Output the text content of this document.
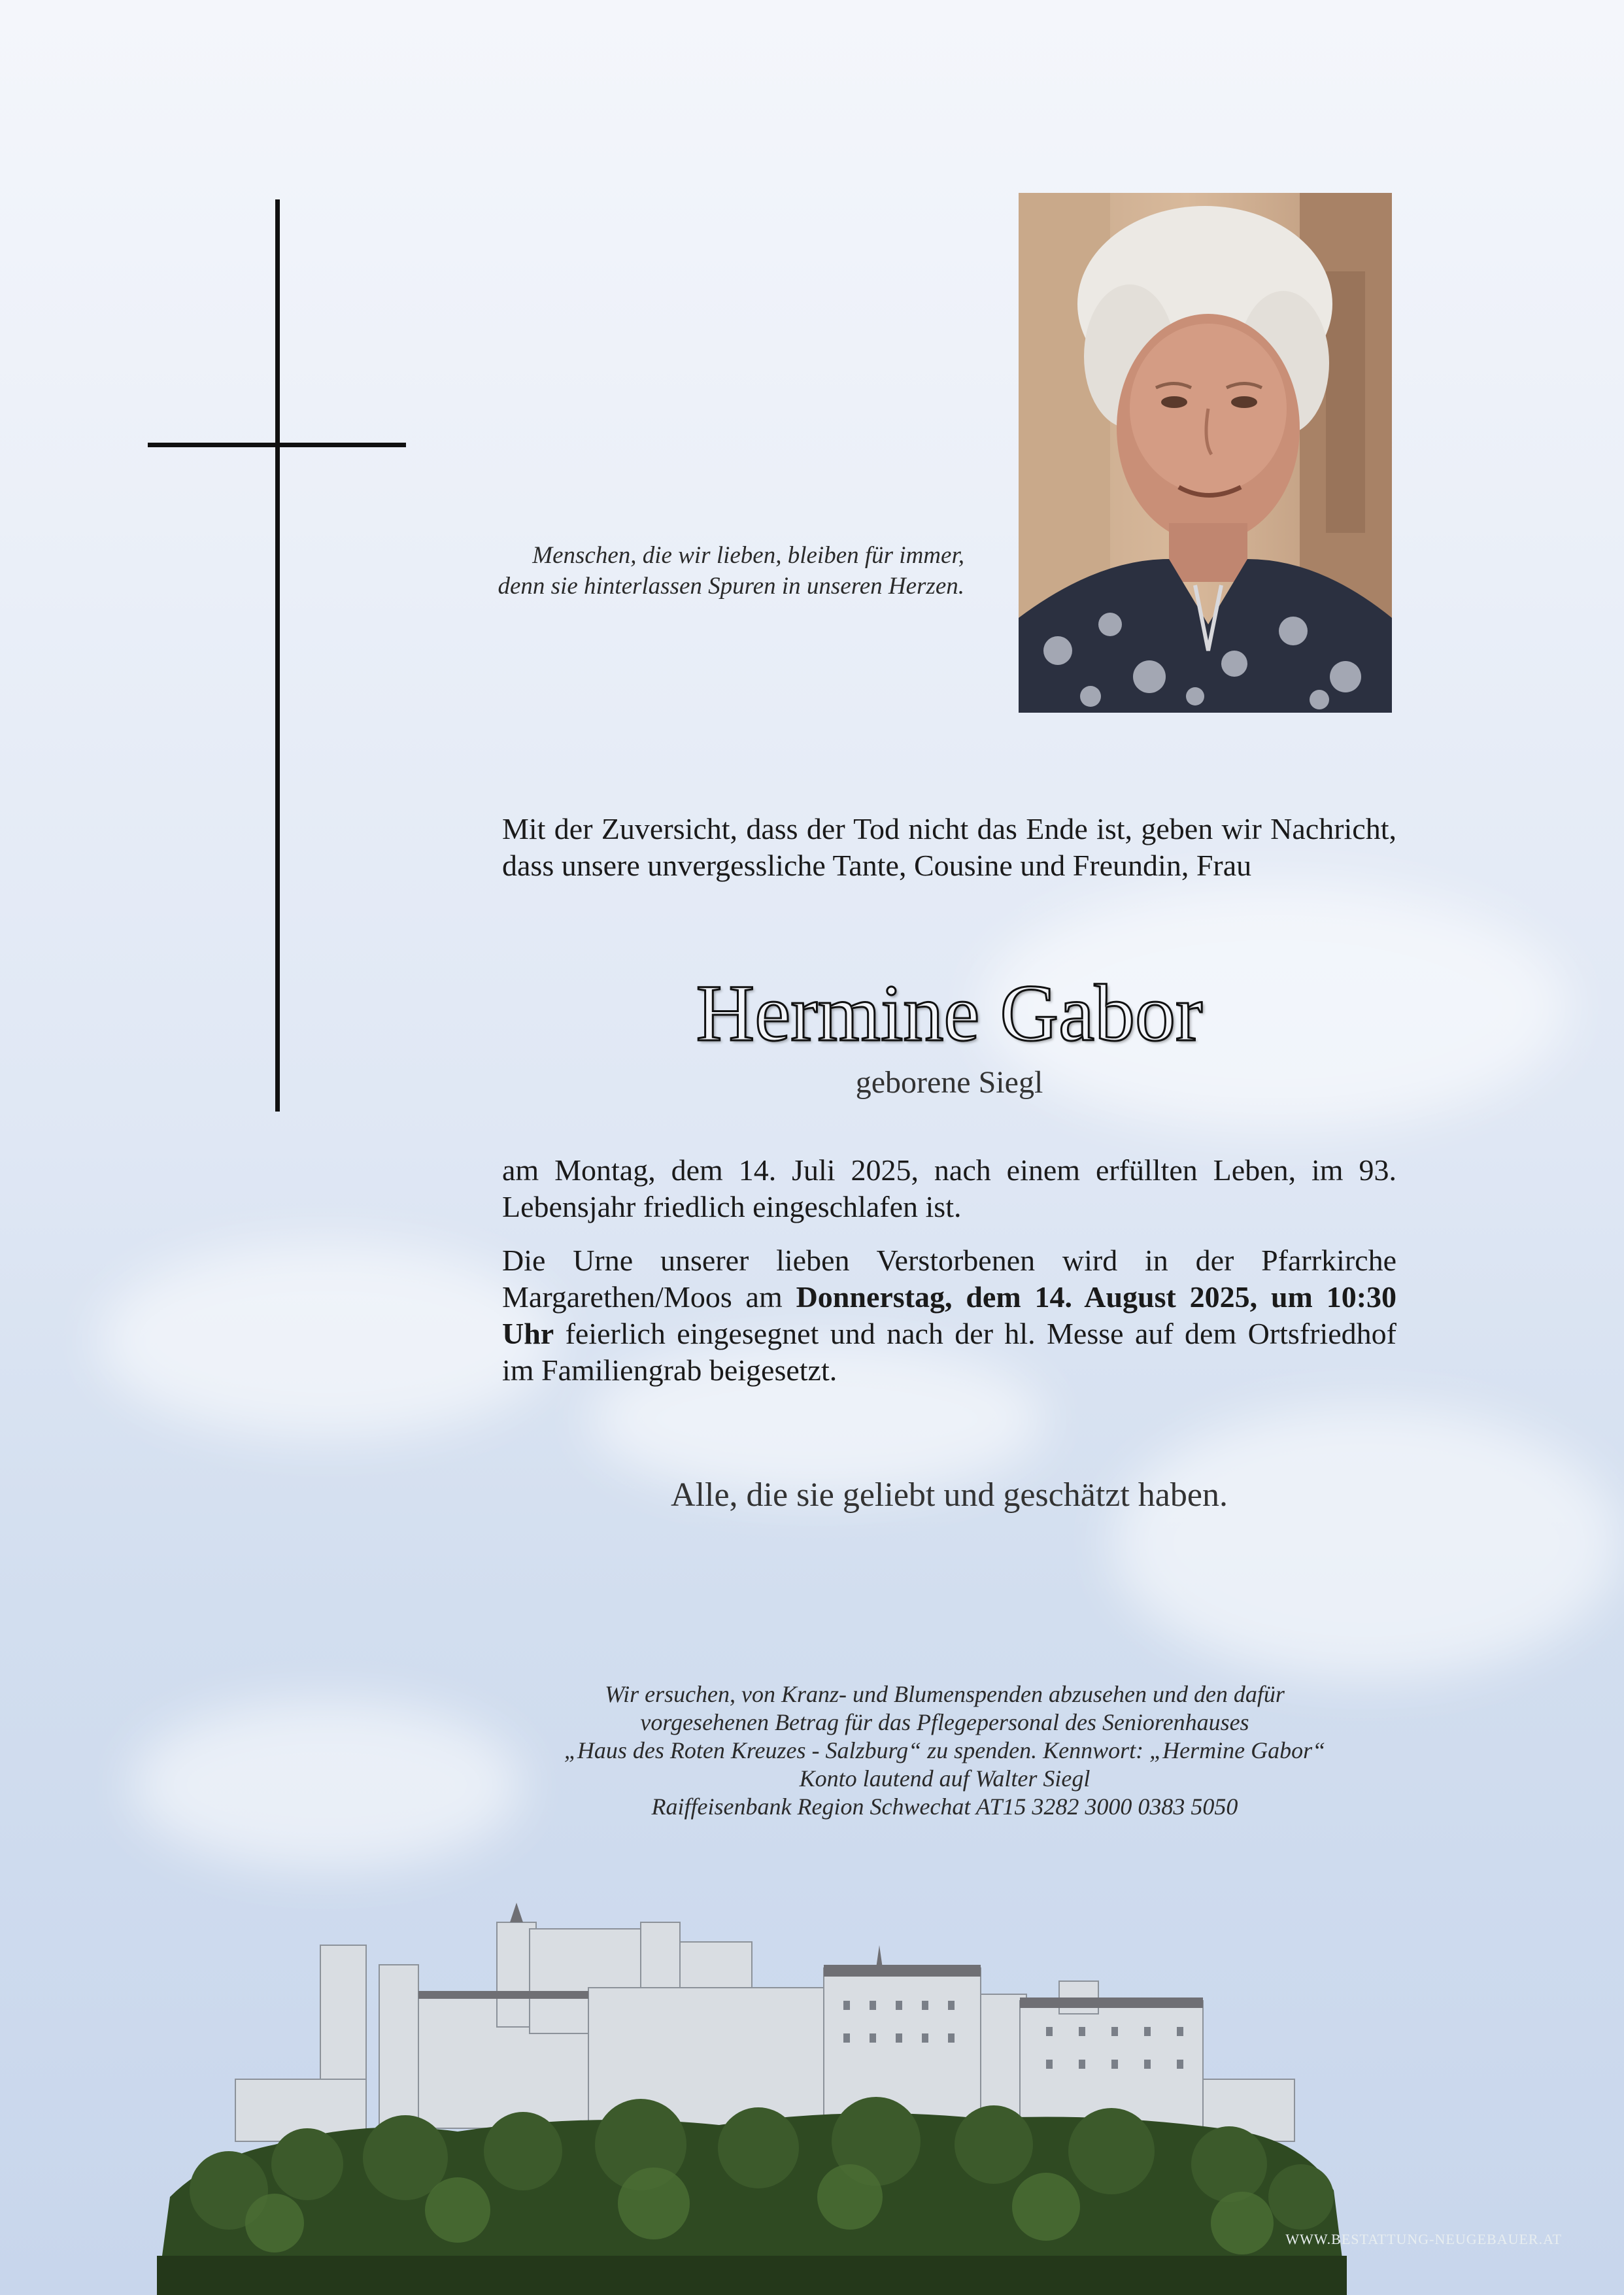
Menschen, die wir lieben, bleiben für immer,
denn sie hinterlassen Spuren in unseren Herzen.
Mit der Zuversicht, dass der Tod nicht das Ende ist, geben wir Nachricht, dass unsere unvergessliche Tante, Cousine und Freundin, Frau
Hermine Gabor
geborene Siegl
am Montag, dem 14. Juli 2025, nach einem erfüllten Leben, im 93. Lebensjahr friedlich eingeschlafen ist.
Die Urne unserer lieben Verstorbenen wird in der Pfarrkirche Margarethen/Moos am Donnerstag, dem 14. August 2025, um 10:30 Uhr feierlich eingesegnet und nach der hl. Messe auf dem Ortsfriedhof im Familiengrab beigesetzt.
Alle, die sie geliebt und geschätzt haben.
Wir ersuchen, von Kranz- und Blumenspenden abzusehen und den dafür
vorgesehenen Betrag für das Pflegepersonal des Seniorenhauses
„Haus des Roten Kreuzes - Salzburg“ zu spenden. Kennwort: „Hermine Gabor“
Konto lautend auf Walter Siegl
Raiffeisenbank Region Schwechat AT15 3282 3000 0383 5050
WWW.BESTATTUNG-NEUGEBAUER.AT
